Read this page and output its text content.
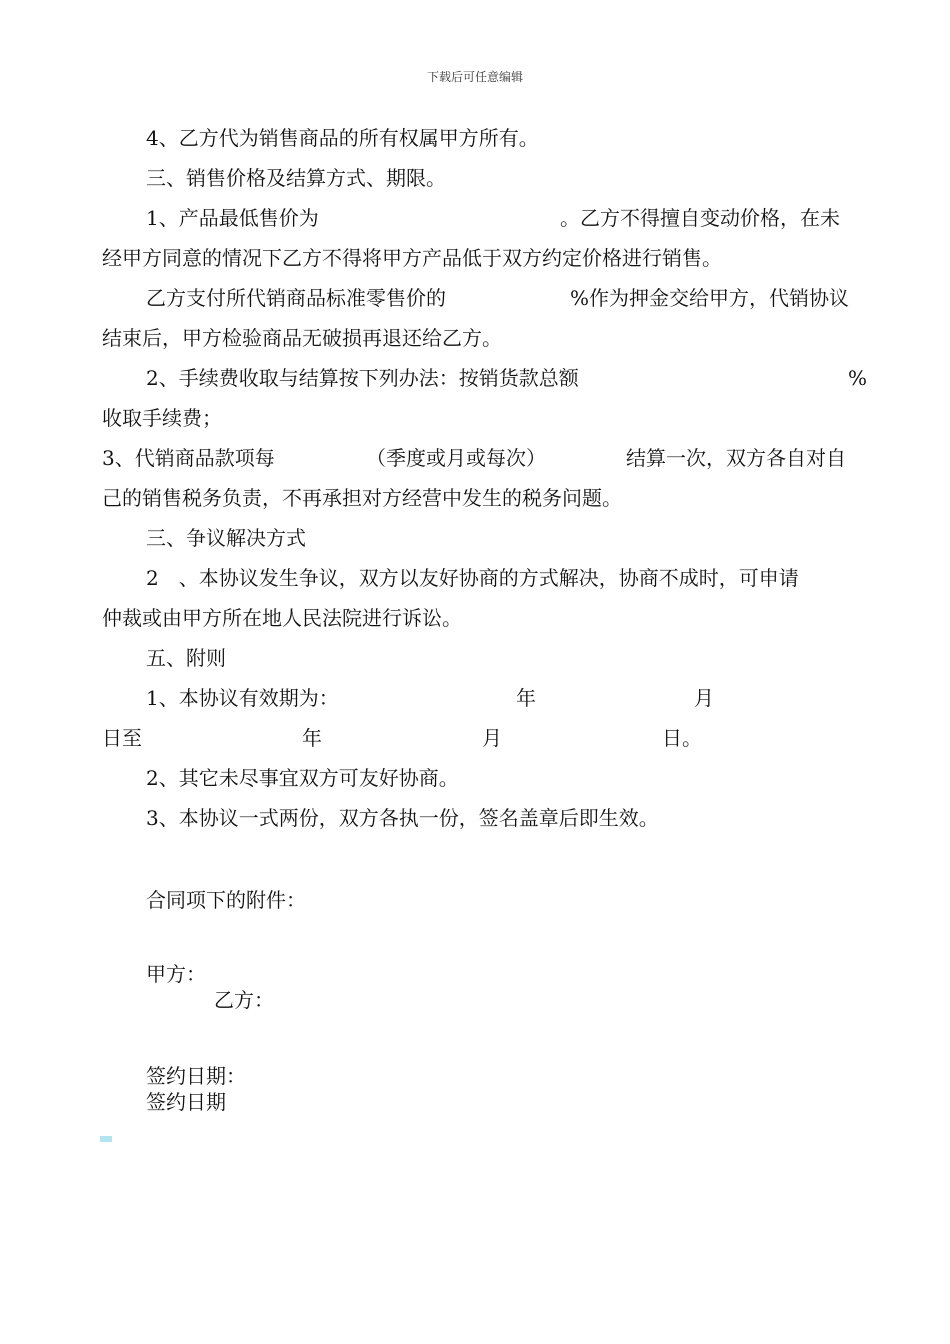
下载后可任意编辑
4、乙方代为销售商品的所有权属甲方所有。
三、销售价格及结算方式、期限。
1、产品最低售价为	。乙方不得擅自变动价格，在未
经甲方同意的情况下乙方不得将甲方产品低于双方约定价格进行销售。
乙方支付所代销商品标准零售价的	%作为押金交给甲方，代销协议
结束后，甲方检验商品无破损再退还给乙方。
2、手续费收取与结算按下列办法：按销货款总额	%
收取手续费；
3、代销商品款项每	（季度或月或每次）	结算一次，双方各自对自
己的销售税务负责，不再承担对方经营中发生的税务问题。
三、争议解决方式
2　、本协议发生争议，双方以友好协商的方式解决，协商不成时，可申请
仲裁或由甲方所在地人民法院进行诉讼。
五、附则
1、本协议有效期为：	年	月
日至	年	月	日。
2、其它未尽事宜双方可友好协商。
3、本协议一式两份，双方各执一份，签名盖章后即生效。
合同项下的附件：
甲方：
乙方：
签约日期：
签约日期
